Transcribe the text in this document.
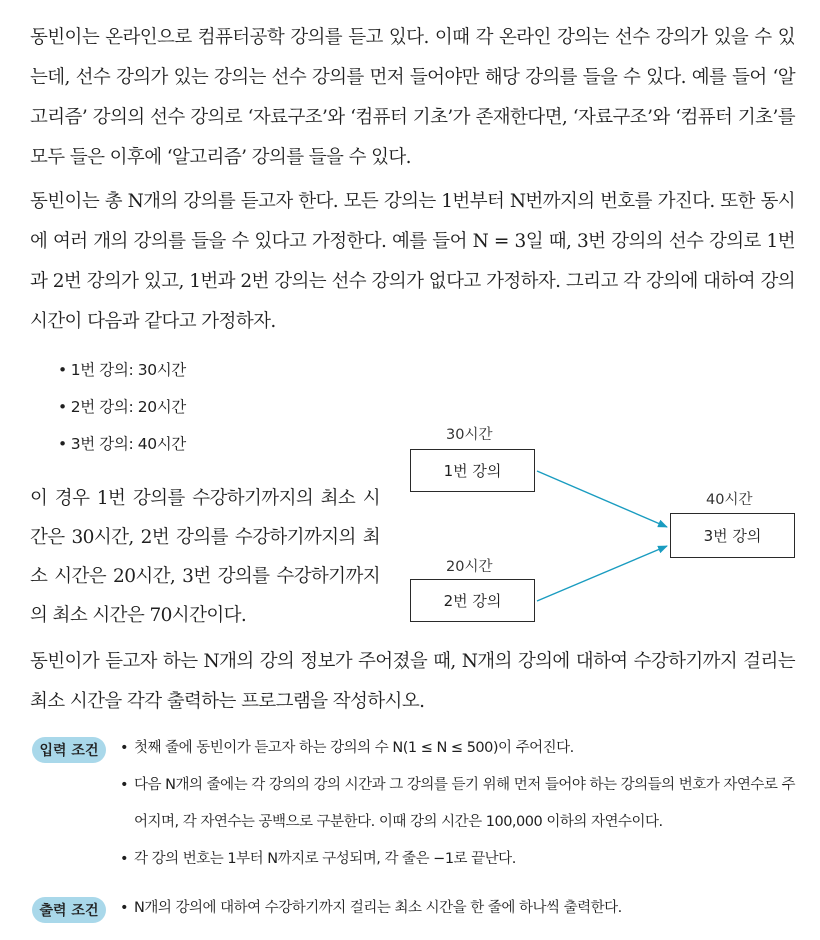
동빈이는 온라인으로 컴퓨터공학 강의를 듣고 있다. 이때 각 온라인 강의는 선수 강의가 있을 수 있는데, 선수 강의가 있는 강의는 선수 강의를 먼저 들어야만 해당 강의를 들을 수 있다. 예를 들어 ‘알고리즘’ 강의의 선수 강의로 ‘자료구조’와 ‘컴퓨터 기초’가 존재한다면, ‘자료구조’와 ‘컴퓨터 기초’를 모두 들은 이후에 ‘알고리즘’ 강의를 들을 수 있다.
동빈이는 총 N개의 강의를 듣고자 한다. 모든 강의는 1번부터 N번까지의 번호를 가진다. 또한 동시에 여러 개의 강의를 들을 수 있다고 가정한다. 예를 들어 N = 3일 때, 3번 강의의 선수 강의로 1번과 2번 강의가 있고, 1번과 2번 강의는 선수 강의가 없다고 가정하자. 그리고 각 강의에 대하여 강의 시간이 다음과 같다고 가정하자.
• 1번 강의: 30시간
• 2번 강의: 20시간
• 3번 강의: 40시간
이 경우 1번 강의를 수강하기까지의 최소 시간은 30시간, 2번 강의를 수강하기까지의 최소 시간은 20시간, 3번 강의를 수강하기까지의 최소 시간은 70시간이다.
30시간
1번 강의
20시간
2번 강의
40시간
3번 강의
동빈이가 듣고자 하는 N개의 강의 정보가 주어졌을 때, N개의 강의에 대하여 수강하기까지 걸리는 최소 시간을 각각 출력하는 프로그램을 작성하시오.
입력 조건	• 첫째 줄에 동빈이가 듣고자 하는 강의의 수 N(1 ≤ N ≤ 500)이 주어진다.
• 다음 N개의 줄에는 각 강의의 강의 시간과 그 강의를 듣기 위해 먼저 들어야 하는 강의들의 번호가 자연수로 주어지며, 각 자연수는 공백으로 구분한다. 이때 강의 시간은 100,000 이하의 자연수이다.
• 각 강의 번호는 1부터 N까지로 구성되며, 각 줄은 −1로 끝난다.
출력 조건	• N개의 강의에 대하여 수강하기까지 걸리는 최소 시간을 한 줄에 하나씩 출력한다.
